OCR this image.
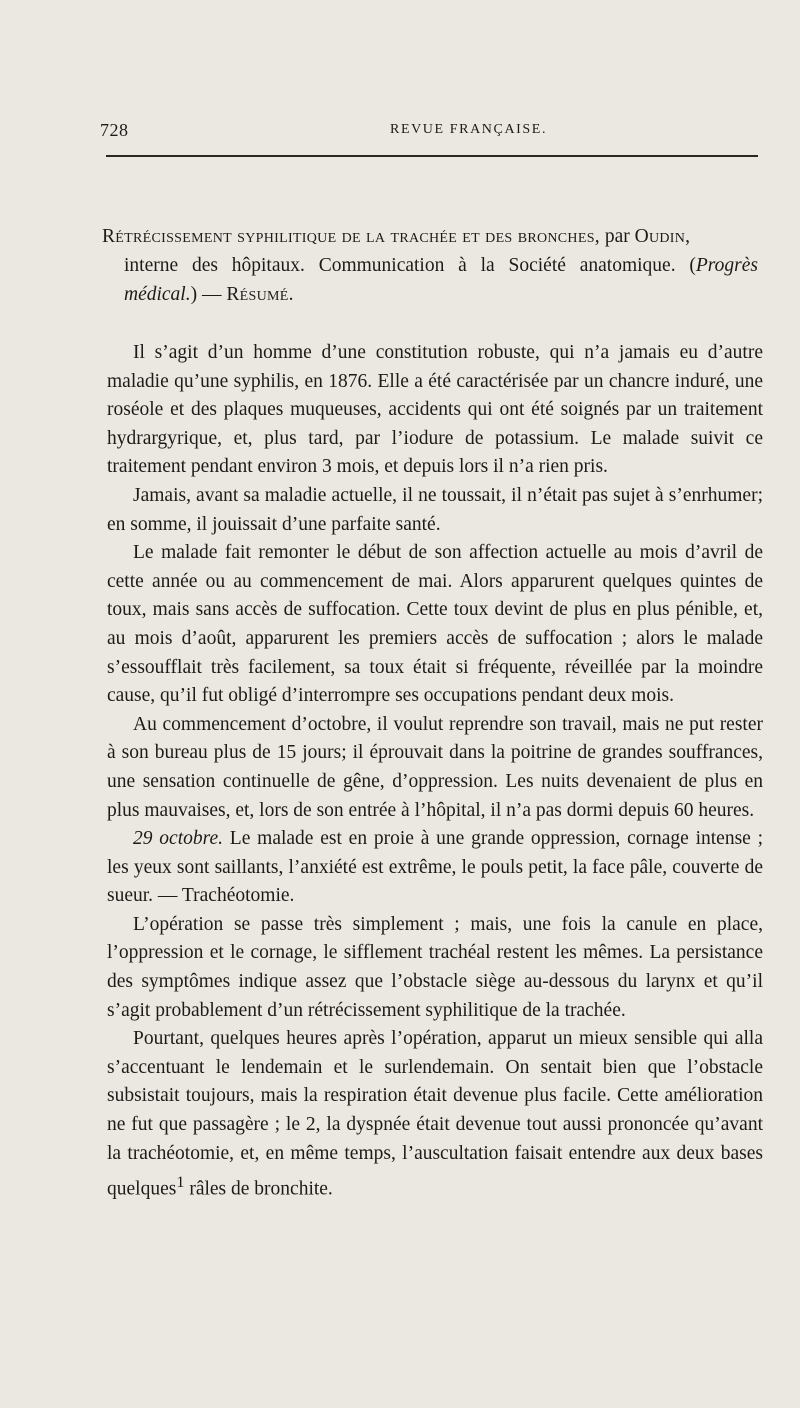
728	REVUE FRANÇAISE.
Rétrécissement syphilitique de la trachée et des bronches, par Oudin,
interne des hôpitaux. Communication à la Société anatomique. (Progrès médical.) — Résumé.

Il s’agit d’un homme d’une constitution robuste, qui n’a jamais eu d’autre maladie qu’une syphilis, en 1876. Elle a été caractérisée par un chancre induré, une roséole et des plaques muqueuses, accidents qui ont été soignés par un traitement hydrargyrique, et, plus tard, par l’iodure de potassium. Le malade suivit ce traitement pendant environ 3 mois, et depuis lors il n’a rien pris.

Jamais, avant sa maladie actuelle, il ne toussait, il n’était pas sujet à s’enrhumer; en somme, il jouissait d’une parfaite santé.

Le malade fait remonter le début de son affection actuelle au mois d’avril de cette année ou au commencement de mai. Alors apparurent quelques quintes de toux, mais sans accès de suffocation. Cette toux devint de plus en plus pénible, et, au mois d’août, apparurent les premiers accès de suffocation ; alors le malade s’essoufflait très facilement, sa toux était si fréquente, réveillée par la moindre cause, qu’il fut obligé d’interrompre ses occupations pendant deux mois.

Au commencement d’octobre, il voulut reprendre son travail, mais ne put rester à son bureau plus de 15 jours; il éprouvait dans la poitrine de grandes souffrances, une sensation continuelle de gêne, d’oppression. Les nuits devenaient de plus en plus mauvaises, et, lors de son entrée à l’hôpital, il n’a pas dormi depuis 60 heures.

29 octobre. Le malade est en proie à une grande oppression, cornage intense ; les yeux sont saillants, l’anxiété est extrême, le pouls petit, la face pâle, couverte de sueur. — Trachéotomie.

L’opération se passe très simplement ; mais, une fois la canule en place, l’oppression et le cornage, le sifflement trachéal restent les mêmes. La persistance des symptômes indique assez que l’obstacle siège au-dessous du larynx et qu’il s’agit probablement d’un rétrécissement syphilitique de la trachée.

Pourtant, quelques heures après l’opération, apparut un mieux sensible qui alla s’accentuant le lendemain et le surlendemain. On sentait bien que l’obstacle subsistait toujours, mais la respiration était devenue plus facile. Cette amélioration ne fut que passagère ; le 2, la dyspnée était devenue tout aussi prononcée qu’avant la trachéotomie, et, en même temps, l’auscultation faisait entendre aux deux bases quelques$^1$ râles de bronchite.
